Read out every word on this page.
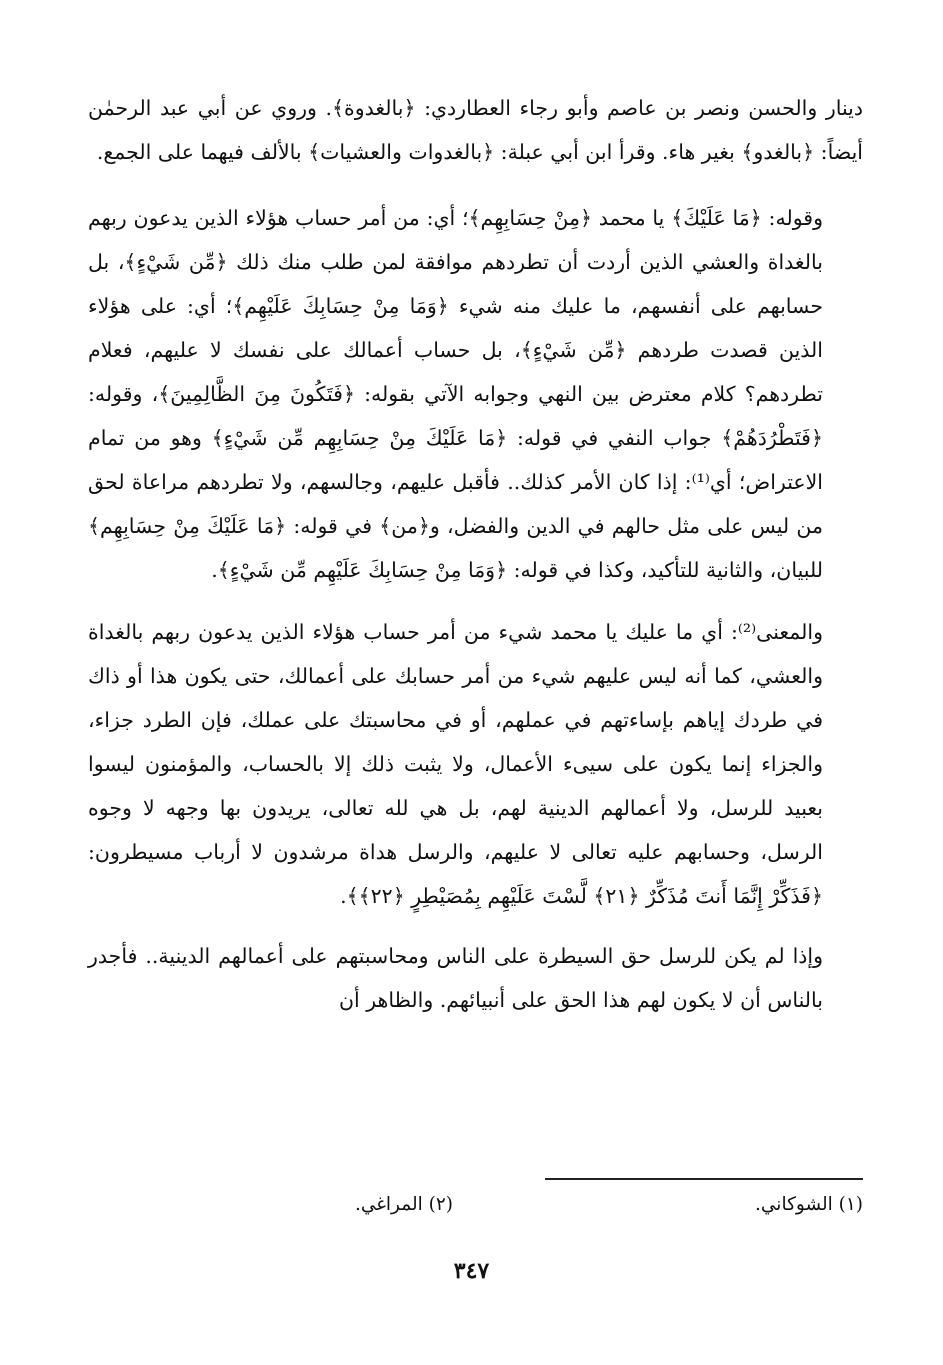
دينار والحسن ونصر بن عاصم وأبو رجاء العطاردي: ﴿بالغدوة﴾. وروي عن أبي عبد الرحمٰن أيضاً: ﴿بالغدو﴾ بغير هاء. وقرأ ابن أبي عبلة: ﴿بالغدوات والعشيات﴾ بالألف فيهما على الجمع.

وقوله: ﴿مَا عَلَيْكَ﴾ يا محمد ﴿مِنْ حِسَابِهِم﴾؛ أي: من أمر حساب هؤلاء الذين يدعون ربهم بالغداة والعشي الذين أردت أن تطردهم موافقة لمن طلب منك ذلك ﴿مِّن شَيْءٍ﴾، بل حسابهم على أنفسهم، ما عليك منه شيء ﴿وَمَا مِنْ حِسَابِكَ عَلَيْهِم﴾؛ أي: على هؤلاء الذين قصدت طردهم ﴿مِّن شَيْءٍ﴾، بل حساب أعمالك على نفسك لا عليهم، فعلام تطردهم؟ كلام معترض بين النهي وجوابه الآتي بقوله: ﴿فَتَكُونَ مِنَ الظَّالِمِينَ﴾، وقوله: ﴿فَتَطْرُدَهُمْ﴾ جواب النفي في قوله: ﴿مَا عَلَيْكَ مِنْ حِسَابِهِم مِّن شَيْءٍ﴾ وهو من تمام الاعتراض؛ أي⁽¹⁾: إذا كان الأمر كذلك.. فأقبل عليهم، وجالسهم، ولا تطردهم مراعاة لحق من ليس على مثل حالهم في الدين والفضل، و﴿من﴾ في قوله: ﴿مَا عَلَيْكَ مِنْ حِسَابِهِم﴾ للبيان، والثانية للتأكيد، وكذا في قوله: ﴿وَمَا مِنْ حِسَابِكَ عَلَيْهِم مِّن شَيْءٍ﴾.

والمعنى⁽²⁾: أي ما عليك يا محمد شيء من أمر حساب هؤلاء الذين يدعون ربهم بالغداة والعشي، كما أنه ليس عليهم شيء من أمر حسابك على أعمالك، حتى يكون هذا أو ذاك في طردك إياهم بإساءتهم في عملهم، أو في محاسبتك على عملك، فإن الطرد جزاء، والجزاء إنما يكون على سيىء الأعمال، ولا يثبت ذلك إلا بالحساب، والمؤمنون ليسوا بعبيد للرسل، ولا أعمالهم الدينية لهم، بل هي لله تعالى، يريدون بها وجهه لا وجوه الرسل، وحسابهم عليه تعالى لا عليهم، والرسل هداة مرشدون لا أرباب مسيطرون: ﴿فَذَكِّرْ إِنَّمَا أَنتَ مُذَكِّرٌ ﴿٢١﴾ لَّسْتَ عَلَيْهِم بِمُصَيْطِرٍ ﴿٢٢﴾﴾.

وإذا لم يكن للرسل حق السيطرة على الناس ومحاسبتهم على أعمالهم الدينية.. فأجدر بالناس أن لا يكون لهم هذا الحق على أنبيائهم. والظاهر أن

(١) الشوكاني.
(٢) المراغي.
٣٤٧
